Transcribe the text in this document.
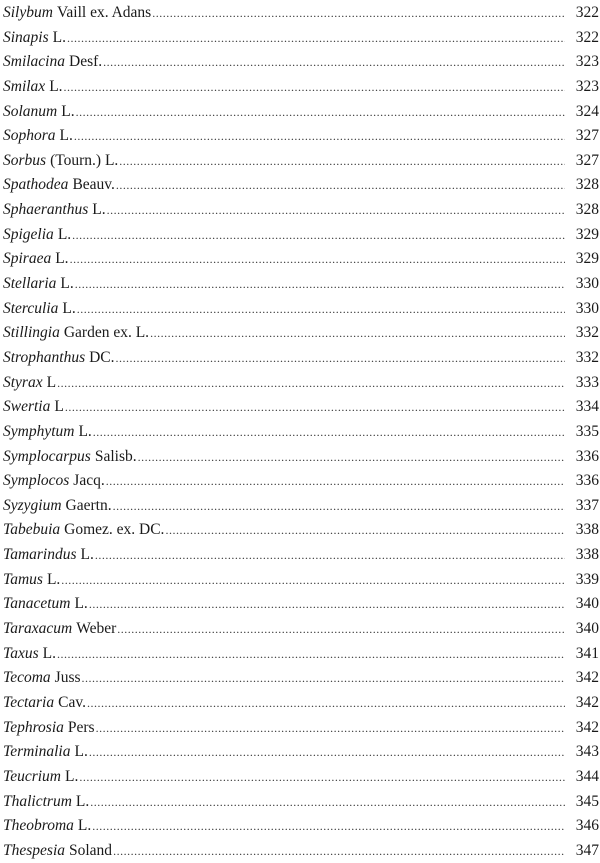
Silybum Vaill ex. Adans .....	322
Sinapis L. .....	322
Smilacina Desf. .....	323
Smilax L. .....	323
Solanum L. .....	324
Sophora L. .....	327
Sorbus (Tourn.) L. .....	327
Spathodea Beauv. .....	328
Sphaeranthus L. .....	328
Spigelia L. .....	329
Spiraea L. .....	329
Stellaria L. .....	330
Sterculia L. .....	330
Stillingia Garden ex. L. .....	332
Strophanthus DC. .....	332
Styrax L .....	333
Swertia L .....	334
Symphytum L. .....	335
Symplocarpus Salisb. .....	336
Symplocos Jacq. .....	336
Syzygium Gaertn. .....	337
Tabebuia Gomez. ex. DC. .....	338
Tamarindus L. .....	338
Tamus L. .....	339
Tanacetum L. .....	340
Taraxacum Weber .....	340
Taxus L. .....	341
Tecoma Juss .....	342
Tectaria Cav. .....	342
Tephrosia Pers .....	342
Terminalia L. .....	343
Teucrium L. .....	344
Thalictrum L. .....	345
Theobroma L. .....	346
Thespesia Soland .....	347
